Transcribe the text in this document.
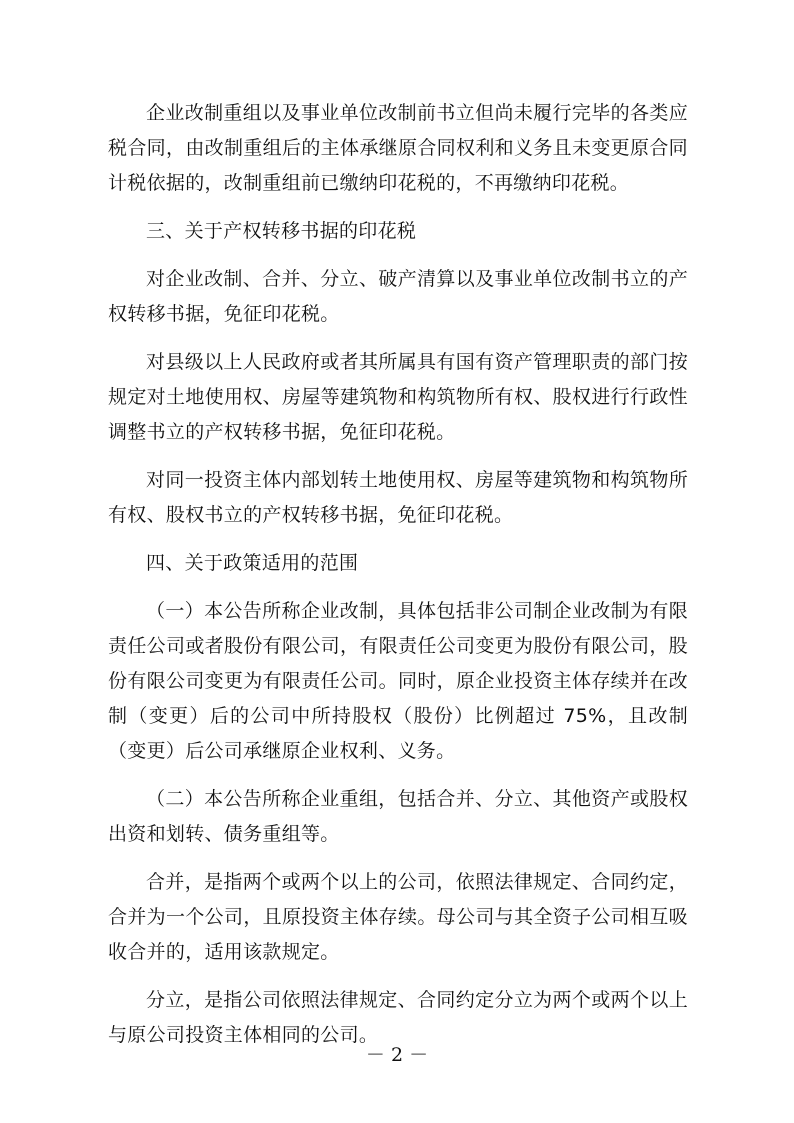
企业改制重组以及事业单位改制前书立但尚未履行完毕的各类应税合同，由改制重组后的主体承继原合同权利和义务且未变更原合同计税依据的，改制重组前已缴纳印花税的，不再缴纳印花税。

三、关于产权转移书据的印花税

对企业改制、合并、分立、破产清算以及事业单位改制书立的产权转移书据，免征印花税。

对县级以上人民政府或者其所属具有国有资产管理职责的部门按规定对土地使用权、房屋等建筑物和构筑物所有权、股权进行行政性调整书立的产权转移书据，免征印花税。

对同一投资主体内部划转土地使用权、房屋等建筑物和构筑物所有权、股权书立的产权转移书据，免征印花税。

四、关于政策适用的范围

（一）本公告所称企业改制，具体包括非公司制企业改制为有限责任公司或者股份有限公司，有限责任公司变更为股份有限公司，股份有限公司变更为有限责任公司。同时，原企业投资主体存续并在改制（变更）后的公司中所持股权（股份）比例超过 75%，且改制（变更）后公司承继原企业权利、义务。

（二）本公告所称企业重组，包括合并、分立、其他资产或股权出资和划转、债务重组等。

合并，是指两个或两个以上的公司，依照法律规定、合同约定，合并为一个公司，且原投资主体存续。母公司与其全资子公司相互吸收合并的，适用该款规定。

分立，是指公司依照法律规定、合同约定分立为两个或两个以上与原公司投资主体相同的公司。

－ 2 －
